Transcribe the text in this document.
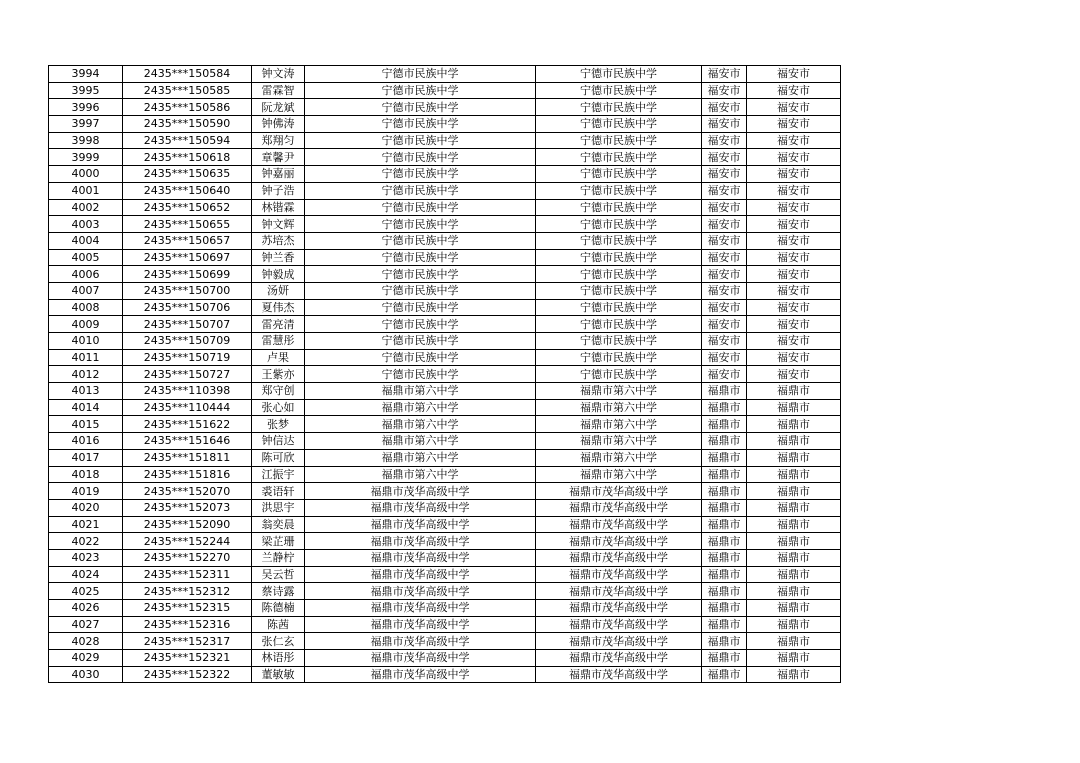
3994	2435***150584	钟文涛	宁德市民族中学	宁德市民族中学	福安市	福安市
3995	2435***150585	雷霖智	宁德市民族中学	宁德市民族中学	福安市	福安市
3996	2435***150586	阮龙斌	宁德市民族中学	宁德市民族中学	福安市	福安市
3997	2435***150590	钟佛涛	宁德市民族中学	宁德市民族中学	福安市	福安市
3998	2435***150594	郑翔匀	宁德市民族中学	宁德市民族中学	福安市	福安市
3999	2435***150618	章馨尹	宁德市民族中学	宁德市民族中学	福安市	福安市
4000	2435***150635	钟嘉丽	宁德市民族中学	宁德市民族中学	福安市	福安市
4001	2435***150640	钟子浩	宁德市民族中学	宁德市民族中学	福安市	福安市
4002	2435***150652	林锴霖	宁德市民族中学	宁德市民族中学	福安市	福安市
4003	2435***150655	钟文辉	宁德市民族中学	宁德市民族中学	福安市	福安市
4004	2435***150657	苏培杰	宁德市民族中学	宁德市民族中学	福安市	福安市
4005	2435***150697	钟兰香	宁德市民族中学	宁德市民族中学	福安市	福安市
4006	2435***150699	钟毅成	宁德市民族中学	宁德市民族中学	福安市	福安市
4007	2435***150700	汤妍	宁德市民族中学	宁德市民族中学	福安市	福安市
4008	2435***150706	夏伟杰	宁德市民族中学	宁德市民族中学	福安市	福安市
4009	2435***150707	雷亮清	宁德市民族中学	宁德市民族中学	福安市	福安市
4010	2435***150709	雷慧彤	宁德市民族中学	宁德市民族中学	福安市	福安市
4011	2435***150719	卢果	宁德市民族中学	宁德市民族中学	福安市	福安市
4012	2435***150727	王紫亦	宁德市民族中学	宁德市民族中学	福安市	福安市
4013	2435***110398	郑守创	福鼎市第六中学	福鼎市第六中学	福鼎市	福鼎市
4014	2435***110444	张心如	福鼎市第六中学	福鼎市第六中学	福鼎市	福鼎市
4015	2435***151622	张梦	福鼎市第六中学	福鼎市第六中学	福鼎市	福鼎市
4016	2435***151646	钟信达	福鼎市第六中学	福鼎市第六中学	福鼎市	福鼎市
4017	2435***151811	陈可欣	福鼎市第六中学	福鼎市第六中学	福鼎市	福鼎市
4018	2435***151816	江振宇	福鼎市第六中学	福鼎市第六中学	福鼎市	福鼎市
4019	2435***152070	裘语轩	福鼎市茂华高级中学	福鼎市茂华高级中学	福鼎市	福鼎市
4020	2435***152073	洪思宇	福鼎市茂华高级中学	福鼎市茂华高级中学	福鼎市	福鼎市
4021	2435***152090	翁奕晨	福鼎市茂华高级中学	福鼎市茂华高级中学	福鼎市	福鼎市
4022	2435***152244	梁芷珊	福鼎市茂华高级中学	福鼎市茂华高级中学	福鼎市	福鼎市
4023	2435***152270	兰静柠	福鼎市茂华高级中学	福鼎市茂华高级中学	福鼎市	福鼎市
4024	2435***152311	吴云哲	福鼎市茂华高级中学	福鼎市茂华高级中学	福鼎市	福鼎市
4025	2435***152312	蔡诗露	福鼎市茂华高级中学	福鼎市茂华高级中学	福鼎市	福鼎市
4026	2435***152315	陈德楠	福鼎市茂华高级中学	福鼎市茂华高级中学	福鼎市	福鼎市
4027	2435***152316	陈茜	福鼎市茂华高级中学	福鼎市茂华高级中学	福鼎市	福鼎市
4028	2435***152317	张仁玄	福鼎市茂华高级中学	福鼎市茂华高级中学	福鼎市	福鼎市
4029	2435***152321	林语彤	福鼎市茂华高级中学	福鼎市茂华高级中学	福鼎市	福鼎市
4030	2435***152322	董敏敏	福鼎市茂华高级中学	福鼎市茂华高级中学	福鼎市	福鼎市
